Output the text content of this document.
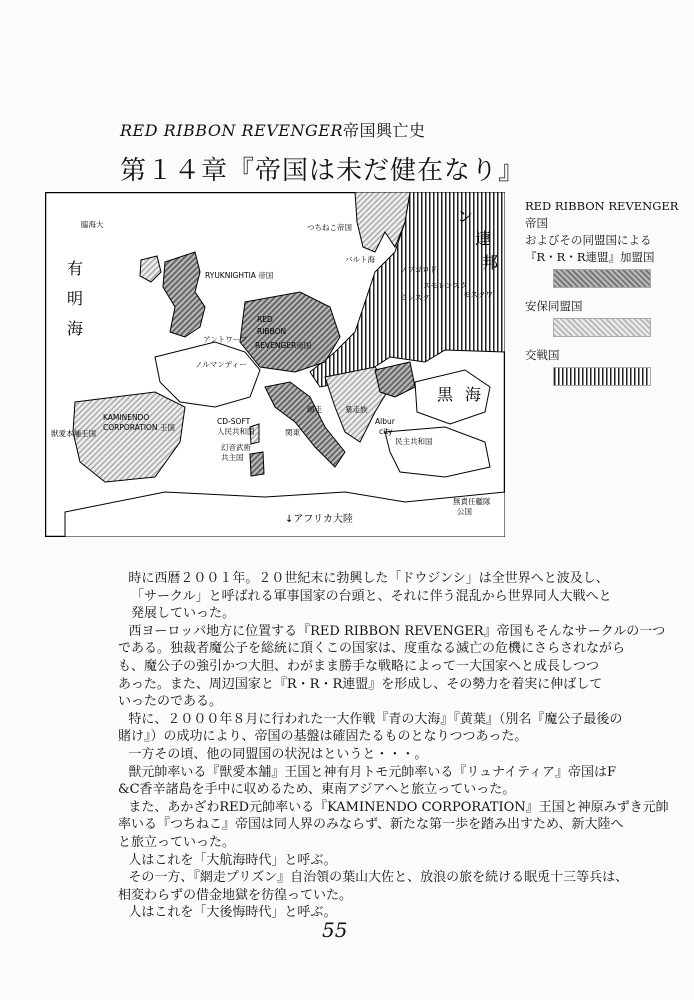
RED RIBBON REVENGER帝国興亡史
第１４章『帝国は未だ健在なり』
有
明
海
黒 海
ン
連
邦
臨海大	つちねこ帝国
バルト海
RYUKNIGHTIA 帝国
RED
RIBBON
REVENGER帝国
アントワープ
ノルマンディー
KAMINENDO
CORPORATION 王国
獣愛本舗王国
CD-SOFT
人民共和国
幻音武術
共主国
網走
関東
暴走族
Albur
city
民主共和国
無責任艦隊
公国
↓アフリカ大陸
ノブゴロド
モスクワ
ミンスク
スモレンスク
RED RIBBON REVENGER 帝国
およびその同盟国による
『R・R・R連盟』加盟国
安保同盟国
交戦国

時に西暦２００１年。２０世紀末に勃興した「ドウジンシ」は全世界へと波及し、

「サークル」と呼ばれる軍事国家の台頭と、それに伴う混乱から世界同人大戦へと

発展していった。

西ヨーロッパ地方に位置する『RED RIBBON REVENGER』帝国もそんなサークルの一つ

である。独裁者魔公子を総統に頂くこの国家は、度重なる滅亡の危機にさらされながら

も、魔公子の強引かつ大胆、わがまま勝手な戦略によって一大国家へと成長しつつ

あった。また、周辺国家と『R・R・R連盟』を形成し、その勢力を着実に伸ばして

いったのである。

特に、２０００年８月に行われた一大作戦『青の大海』『黄葉』（別名『魔公子最後の

賭け』）の成功により、帝国の基盤は確固たるものとなりつつあった。

一方その頃、他の同盟国の状況はというと・・・。

獣元帥率いる『獣愛本舗』王国と神有月トモ元帥率いる『リュナイティア』帝国はF

&C香辛諸島を手中に収めるため、東南アジアへと旅立っていった。

また、あかざわRED元帥率いる『KAMINENDO CORPORATION』王国と神原みずき元帥

率いる『つちねこ』帝国は同人界のみならず、新たな第一歩を踏み出すため、新大陸へ

と旅立っていった。

人はこれを「大航海時代」と呼ぶ。

その一方、『網走プリズン』自治領の葉山大佐と、放浪の旅を続ける眠兎十三等兵は、

相変わらずの借金地獄を彷徨っていた。

人はこれを「大後悔時代」と呼ぶ。

55
